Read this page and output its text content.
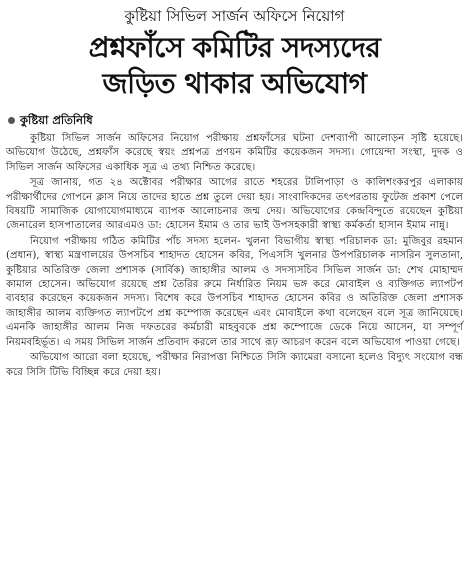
কুষ্টিয়া সিভিল সার্জন অফিসে নিয়োগ
প্রশ্নফাঁসে কমিটির সদস্যদের
জড়িত থাকার অভিযোগ
কুষ্টিয়া প্রতিনিধি

কুষ্টিয়া সিভিল সার্জন অফিসের নিয়োগ পরীক্ষায় প্রশ্নফাঁসের ঘটনা দেশব্যাপী আলোড়ন সৃষ্টি হয়েছে। অভিযোগ উঠেছে, প্রশ্নফাঁস করেছে স্বয়ং প্রশ্নপত্র প্রণয়ন কমিটির কয়েকজন সদস্য। গোয়েন্দা সংস্থা, দুদক ও সিভিল সার্জন অফিসের একাধিক সূত্র এ তথ্য নিশ্চিত করেছে।

সূত্র জানায়, গত ২৪ অক্টোবর পরীক্ষার আগের রাতে শহরের টালিপাড়া ও কালিশংকরপুর এলাকায় পরীক্ষার্থীদের গোপনে ক্লাস নিয়ে তাদের হাতে প্রশ্ন তুলে দেয়া হয়। সাংবাদিকদের তৎপরতায় ফুটেজ প্রকাশ পেলে বিষয়টি সামাজিক যোগাযোগমাধ্যমে ব্যাপক আলোচনার জন্ম দেয়। অভিযোগের কেন্দ্রবিন্দুতে রয়েছেন কুষ্টিয়া জেনারেল হাসপাতালের আরএমও ডা: হোসেন ইমাম ও তার ভাই উপসহকারী স্বাস্থ্য কর্মকর্তা হাসান ইমাম নান্নু।

নিয়োগ পরীক্ষায় গঠিত কমিটির পাঁচ সদস্য হলেন- খুলনা বিভাগীয় স্বাস্থ্য পরিচালক ডা: মুজিবুর রহমান (প্রধান), স্বাস্থ্য মন্ত্রণালয়ের উপসচিব শাহাদত হোসেন কবির, পিএসসি খুলনার উপপরিচালক নাসরিন সুলতানা, কুষ্টিয়ার অতিরিক্ত জেলা প্রশাসক (সার্বিক) জাহাঙ্গীর আলম ও সদস্যসচিব সিভিল সার্জন ডা: শেখ মোহাম্মদ কামাল হোসেন। অভিযোগ রয়েছে প্রশ্ন তৈরির রুমে নির্ধারিত নিয়ম ভঙ্গ করে মোবাইল ও ব্যক্তিগত ল্যাপটপ ব্যবহার করেছেন কয়েকজন সদস্য। বিশেষ করে উপসচিব শাহাদত হোসেন কবির ও অতিরিক্ত জেলা প্রশাসক জাহাঙ্গীর আলম ব্যক্তিগত ল্যাপটপে প্রশ্ন কম্পোজ করেছেন এবং মোবাইলে কথা বলেছেন বলে সূত্র জানিয়েছে। এমনকি জাহাঙ্গীর আলম নিজ দফতরের কর্মচারী মাহবুবকে প্রশ্ন কম্পোজে ডেকে নিয়ে আসেন, যা সম্পূর্ণ নিয়মবহির্ভূত। এ সময় সিভিল সার্জন প্রতিবাদ করলে তার সাথে রূঢ় আচরণ করেন বলে অভিযোগ পাওয়া গেছে।

অভিযোগ আরো বলা হয়েছে, পরীক্ষার নিরাপত্তা নিশ্চিতে সিসি ক্যামেরা বসানো হলেও বিদ্যুৎ সংযোগ বন্ধ করে সিসি টিভি বিচ্ছিন্ন করে দেয়া হয়।
